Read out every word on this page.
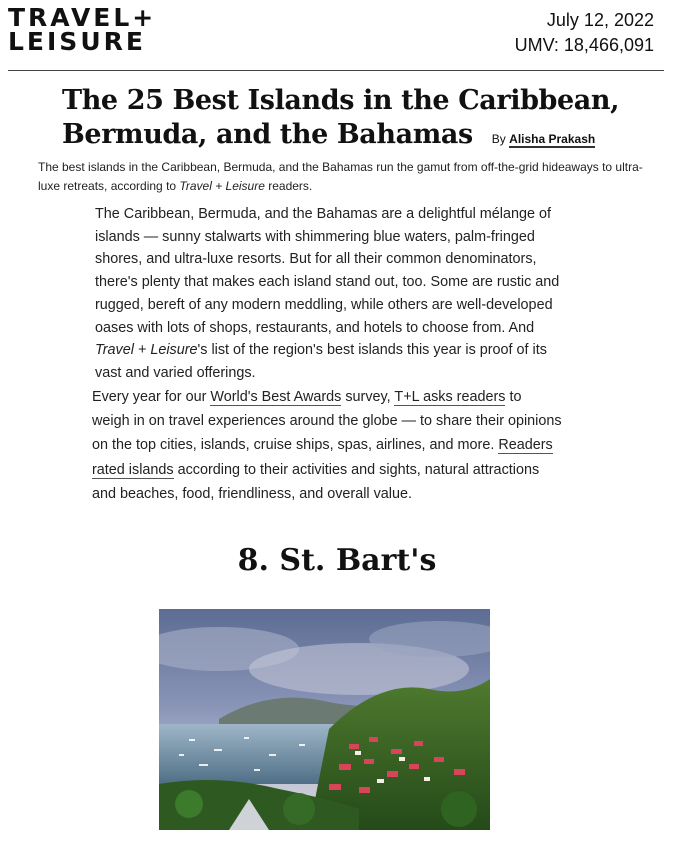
TRAVEL+
LEISURE
July 12, 2022
UMV: 18,466,091
The 25 Best Islands in the Caribbean,
Bermuda, and the Bahamas By Alisha Prakash

The best islands in the Caribbean, Bermuda, and the Bahamas run the gamut from off-the-grid hideaways to ultra-luxe retreats, according to Travel + Leisure readers.

The Caribbean, Bermuda, and the Bahamas are a delightful mélange of islands — sunny stalwarts with shimmering blue waters, palm-fringed shores, and ultra-luxe resorts. But for all their common denominators, there's plenty that makes each island stand out, too. Some are rustic and rugged, bereft of any modern meddling, while others are well-developed oases with lots of shops, restaurants, and hotels to choose from. And Travel + Leisure's list of the region's best islands this year is proof of its vast and varied offerings.

Every year for our World's Best Awards survey, T+L asks readers to weigh in on travel experiences around the globe — to share their opinions on the top cities, islands, cruise ships, spas, airlines, and more. Readers rated islands according to their activities and sights, natural attractions and beaches, food, friendliness, and overall value.

8. St. Bart's
